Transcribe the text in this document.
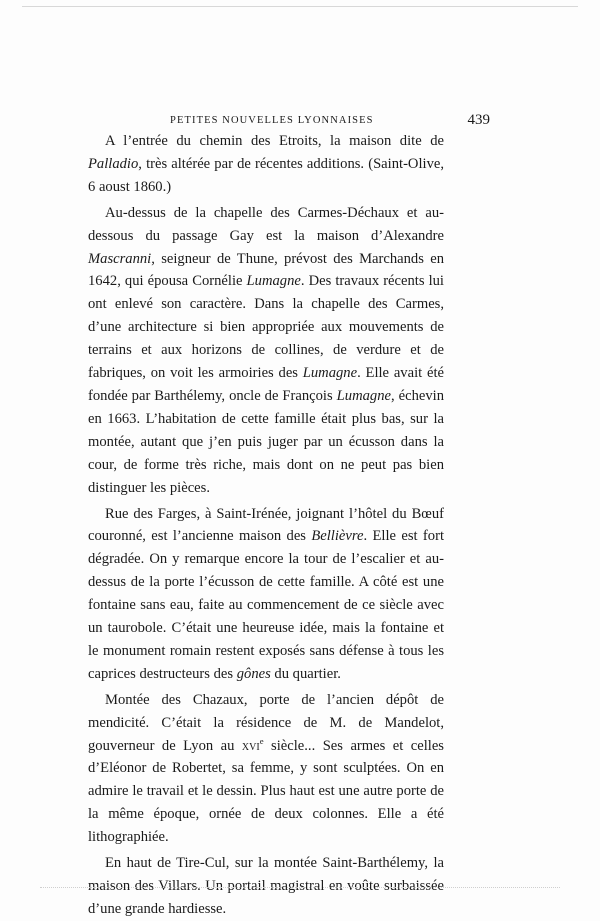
PETITES NOUVELLES LYONNAISES	439

A l’entrée du chemin des Etroits, la maison dite de Palladio, très altérée par de récentes additions. (Saint-Olive, 6 aoust 1860.)

Au-dessus de la chapelle des Carmes-Déchaux et au-dessous du passage Gay est la maison d’Alexandre Mascranni, seigneur de Thune, prévost des Marchands en 1642, qui épousa Cornélie Lumagne. Des travaux récents lui ont enlevé son caractère. Dans la chapelle des Carmes, d’une architecture si bien appropriée aux mouvements de terrains et aux horizons de collines, de verdure et de fabriques, on voit les armoiries des Lumagne. Elle avait été fondée par Barthélemy, oncle de François Lumagne, échevin en 1663. L’habitation de cette famille était plus bas, sur la montée, autant que j’en puis juger par un écusson dans la cour, de forme très riche, mais dont on ne peut pas bien distinguer les pièces.

Rue des Farges, à Saint-Irénée, joignant l’hôtel du Bœuf couronné, est l’ancienne maison des Bellièvre. Elle est fort dégradée. On y remarque encore la tour de l’escalier et au-dessus de la porte l’écusson de cette famille. A côté est une fontaine sans eau, faite au commencement de ce siècle avec un taurobole. C’était une heureuse idée, mais la fontaine et le monument romain restent exposés sans défense à tous les caprices destructeurs des gônes du quartier.

Montée des Chazaux, porte de l’ancien dépôt de mendicité. C’était la résidence de M. de Mandelot, gouverneur de Lyon au xvi$^e$ siècle... Ses armes et celles d’Eléonor de Robertet, sa femme, y sont sculptées. On en admire le travail et le dessin. Plus haut est une autre porte de la même époque, ornée de deux colonnes. Elle a été lithographiée.

En haut de Tire-Cul, sur la montée Saint-Barthélemy, la maison des Villars. Un portail magistral en voûte surbaissée d’une grande hardiesse.
